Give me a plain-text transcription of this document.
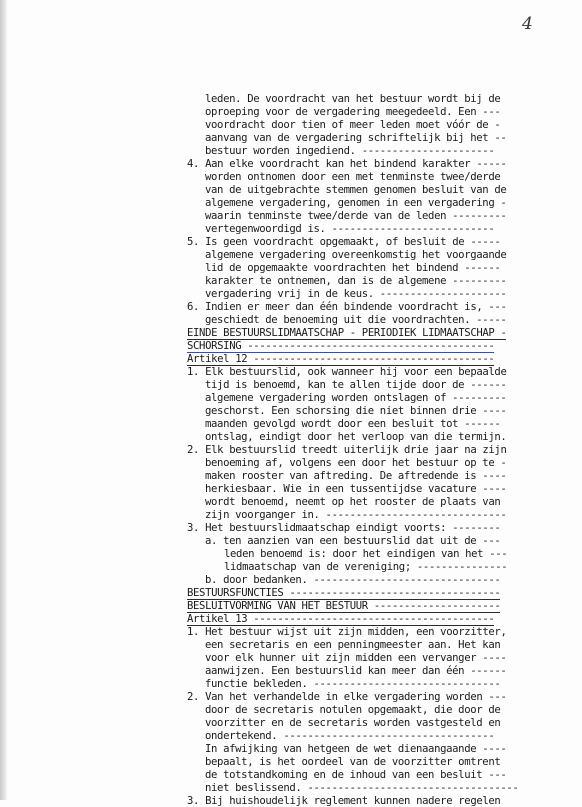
4
leden. De voordracht van het bestuur wordt bij de
oproeping voor de vergadering meegedeeld. Een ---
voordracht door tien of meer leden moet vóór de -
aanvang van de vergadering schriftelijk bij het --
bestuur worden ingediend. ----------------------
4. Aan elke voordracht kan het bindend karakter -----
worden ontnomen door een met tenminste twee/derde
van de uitgebrachte stemmen genomen besluit van de
algemene vergadering, genomen in een vergadering -
waarin tenminste twee/derde van de leden ---------
vertegenwoordigd is. ---------------------------
5. Is geen voordracht opgemaakt, of besluit de -----
algemene vergadering overeenkomstig het voorgaande
lid de opgemaakte voordrachten het bindend ------
karakter te ontnemen, dan is de algemene ---------
vergadering vrij in de keus. ---------------------
6. Indien er meer dan één bindende voordracht is, ---
geschiedt de benoeming uit die voordrachten. -----
EINDE BESTUURSLIDMAATSCHAP - PERIODIEK LIDMAATSCHAP -
SCHORSING -----------------------------------------
Artikel 12 ----------------------------------------
1. Elk bestuurslid, ook wanneer hij voor een bepaalde
tijd is benoemd, kan te allen tijde door de ------
algemene vergadering worden ontslagen of ---------
geschorst. Een schorsing die niet binnen drie ----
maanden gevolgd wordt door een besluit tot ------
ontslag, eindigt door het verloop van die termijn.
2. Elk bestuurslid treedt uiterlijk drie jaar na zijn
benoeming af, volgens een door het bestuur op te -
maken rooster van aftreding. De aftredende is ----
herkiesbaar. Wie in een tussentijdse vacature ----
wordt benoemd, neemt op het rooster de plaats van
zijn voorganger in. ------------------------------
3. Het bestuurslidmaatschap eindigt voorts: --------
a. ten aanzien van een bestuurslid dat uit de ---
leden benoemd is: door het eindigen van het ---
lidmaatschap van de vereniging; ---------------
b. door bedanken. -------------------------------
BESTUURSFUNCTIES -----------------------------------
BESLUITVORMING VAN HET BESTUUR ---------------------
Artikel 13 ----------------------------------------
1. Het bestuur wijst uit zijn midden, een voorzitter,
een secretaris en een penningmeester aan. Het kan
voor elk hunner uit zijn midden een vervanger ----
aanwijzen. Een bestuurslid kan meer dan één ------
functie bekleden. -------------------------------
2. Van het verhandelde in elke vergadering worden ---
door de secretaris notulen opgemaakt, die door de
voorzitter en de secretaris worden vastgesteld en
ondertekend. -----------------------------------
In afwijking van hetgeen de wet dienaangaande ----
bepaalt, is het oordeel van de voorzitter omtrent
de totstandkoming en de inhoud van een besluit ---
niet beslissend. -----------------------------------
3. Bij huishoudelijk reglement kunnen nadere regelen
